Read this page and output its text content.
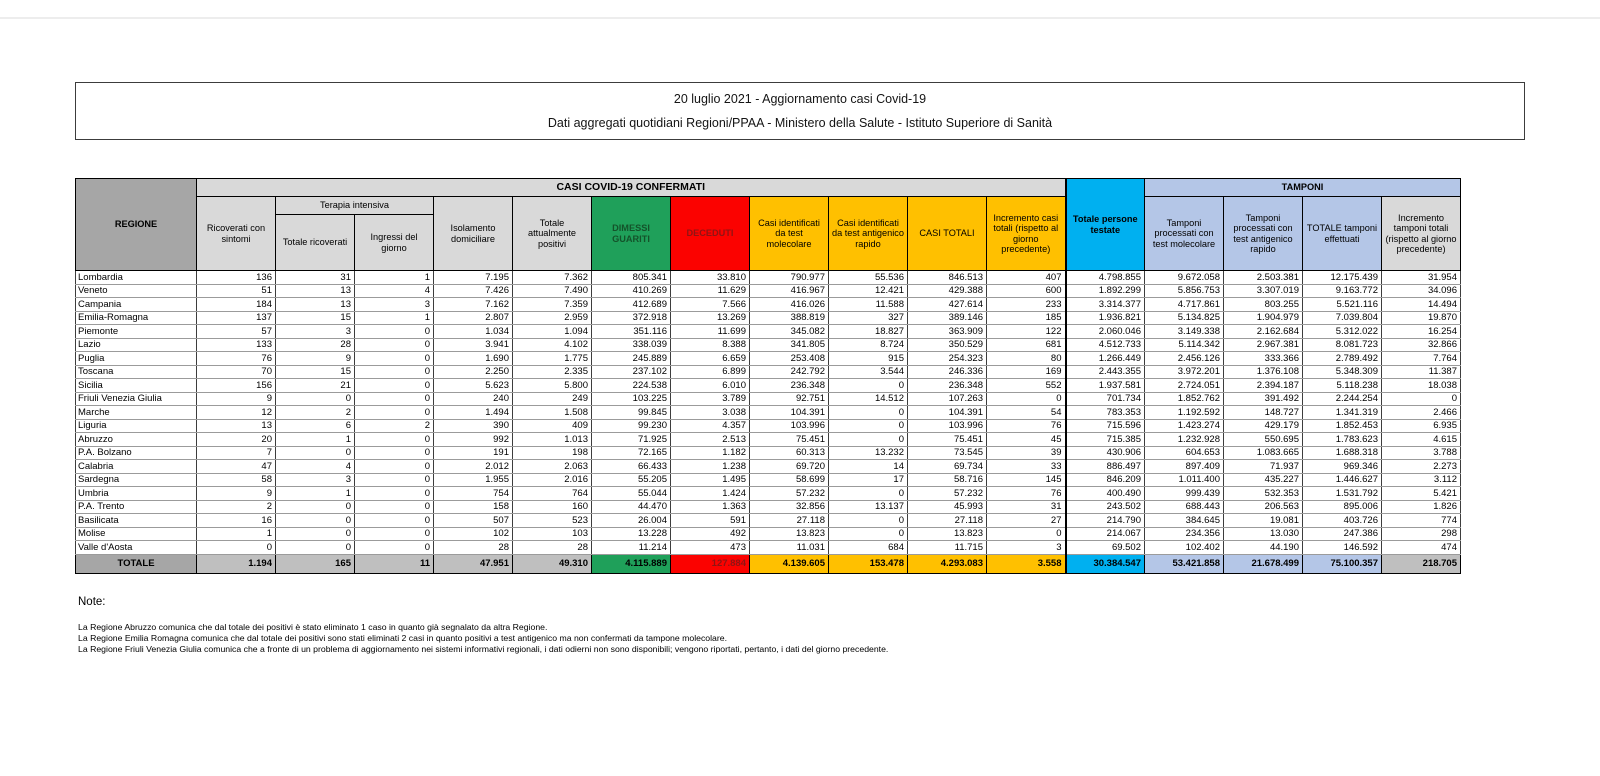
20 luglio 2021 - Aggiornamento casi Covid-19
Dati aggregati quotidiani Regioni/PPAA - Ministero della Salute - Istituto Superiore di Sanità
REGIONE	CASI COVID-19 CONFERMATI											Totale persone testate	TAMPONI			
	Ricoverati con sintomi	Terapia intensiva		Isolamento domiciliare	Totale attualmente positivi	DIMESSI GUARITI	DECEDUTI	Casi identificati da test molecolare	Casi identificati da test antigenico rapido	CASI TOTALI	Incremento casi totali (rispetto al giorno precedente)		Tamponi processati con test molecolare	Tamponi processati con test antigenico rapido	TOTALE tamponi effettuati	Incremento tamponi totali (rispetto al giorno precedente)
		Totale ricoverati	Ingressi del giorno													
Lombardia	136	31	1	7.195	7.362	805.341	33.810	790.977	55.536	846.513	407	4.798.855	9.672.058	2.503.381	12.175.439	31.954
Veneto	51	13	4	7.426	7.490	410.269	11.629	416.967	12.421	429.388	600	1.892.299	5.856.753	3.307.019	9.163.772	34.096
Campania	184	13	3	7.162	7.359	412.689	7.566	416.026	11.588	427.614	233	3.314.377	4.717.861	803.255	5.521.116	14.494
Emilia-Romagna	137	15	1	2.807	2.959	372.918	13.269	388.819	327	389.146	185	1.936.821	5.134.825	1.904.979	7.039.804	19.870
Piemonte	57	3	0	1.034	1.094	351.116	11.699	345.082	18.827	363.909	122	2.060.046	3.149.338	2.162.684	5.312.022	16.254
Lazio	133	28	0	3.941	4.102	338.039	8.388	341.805	8.724	350.529	681	4.512.733	5.114.342	2.967.381	8.081.723	32.866
Puglia	76	9	0	1.690	1.775	245.889	6.659	253.408	915	254.323	80	1.266.449	2.456.126	333.366	2.789.492	7.764
Toscana	70	15	0	2.250	2.335	237.102	6.899	242.792	3.544	246.336	169	2.443.355	3.972.201	1.376.108	5.348.309	11.387
Sicilia	156	21	0	5.623	5.800	224.538	6.010	236.348	0	236.348	552	1.937.581	2.724.051	2.394.187	5.118.238	18.038
Friuli Venezia Giulia	9	0	0	240	249	103.225	3.789	92.751	14.512	107.263	0	701.734	1.852.762	391.492	2.244.254	0
Marche	12	2	0	1.494	1.508	99.845	3.038	104.391	0	104.391	54	783.353	1.192.592	148.727	1.341.319	2.466
Liguria	13	6	2	390	409	99.230	4.357	103.996	0	103.996	76	715.596	1.423.274	429.179	1.852.453	6.935
Abruzzo	20	1	0	992	1.013	71.925	2.513	75.451	0	75.451	45	715.385	1.232.928	550.695	1.783.623	4.615
P.A. Bolzano	7	0	0	191	198	72.165	1.182	60.313	13.232	73.545	39	430.906	604.653	1.083.665	1.688.318	3.788
Calabria	47	4	0	2.012	2.063	66.433	1.238	69.720	14	69.734	33	886.497	897.409	71.937	969.346	2.273
Sardegna	58	3	0	1.955	2.016	55.205	1.495	58.699	17	58.716	145	846.209	1.011.400	435.227	1.446.627	3.112
Umbria	9	1	0	754	764	55.044	1.424	57.232	0	57.232	76	400.490	999.439	532.353	1.531.792	5.421
P.A. Trento	2	0	0	158	160	44.470	1.363	32.856	13.137	45.993	31	243.502	688.443	206.563	895.006	1.826
Basilicata	16	0	0	507	523	26.004	591	27.118	0	27.118	27	214.790	384.645	19.081	403.726	774
Molise	1	0	0	102	103	13.228	492	13.823	0	13.823	0	214.067	234.356	13.030	247.386	298
Valle d'Aosta	0	0	0	28	28	11.214	473	11.031	684	11.715	3	69.502	102.402	44.190	146.592	474
TOTALE	1.194	165	11	47.951	49.310	4.115.889	127.884	4.139.605	153.478	4.293.083	3.558	30.384.547	53.421.858	21.678.499	75.100.357	218.705
Note:
La Regione Abruzzo comunica che dal totale dei positivi è stato eliminato 1 caso in quanto già segnalato da altra Regione.
La Regione Emilia Romagna comunica che dal totale dei positivi sono stati eliminati 2 casi in quanto positivi a test antigenico ma non confermati da tampone molecolare.
La Regione Friuli Venezia Giulia comunica che a fronte di un problema di aggiornamento nei sistemi informativi regionali, i dati odierni non sono disponibili; vengono riportati, pertanto, i dati del giorno precedente.
